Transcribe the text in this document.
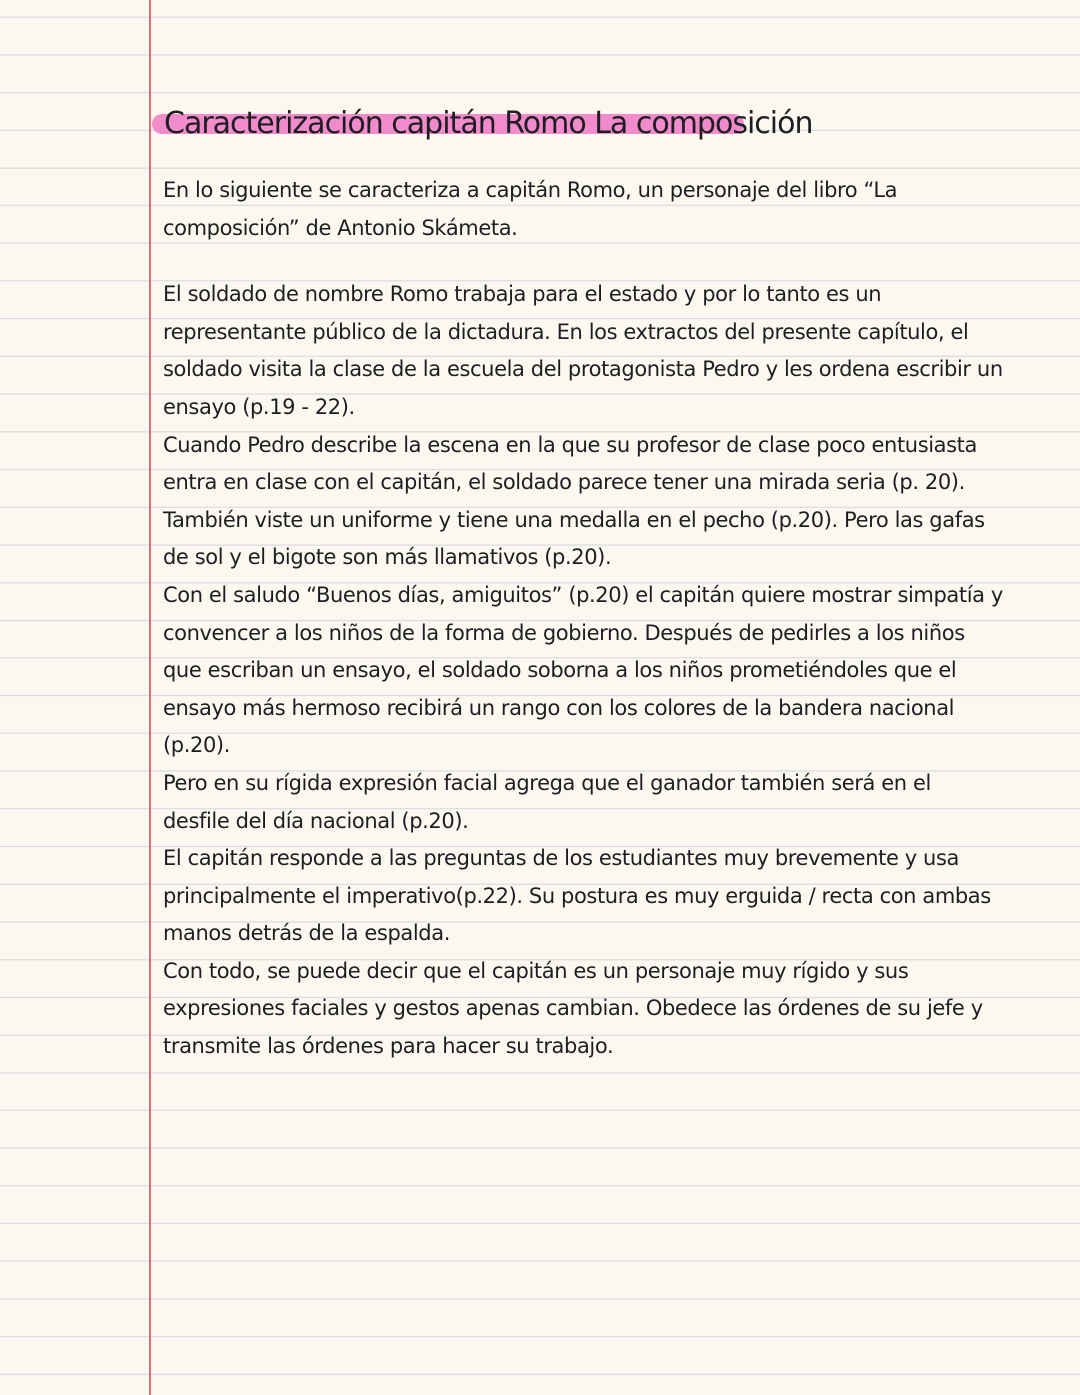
Caracterización capitán Romo La composición

En lo siguiente se caracteriza a capitán Romo, un personaje del libro “La composición” de Antonio Skámeta.

El soldado de nombre Romo trabaja para el estado y por lo tanto es un representante público de la dictadura. En los extractos del presente capítulo, el soldado visita la clase de la escuela del protagonista Pedro y les ordena escribir un ensayo (p.19 - 22).

Cuando Pedro describe la escena en la que su profesor de clase poco entusiasta entra en clase con el capitán, el soldado parece tener una mirada seria (p. 20). También viste un uniforme y tiene una medalla en el pecho (p.20). Pero las gafas de sol y el bigote son más llamativos (p.20).

Con el saludo “Buenos días, amiguitos” (p.20) el capitán quiere mostrar simpatía y convencer a los niños de la forma de gobierno. Después de pedirles a los niños que escriban un ensayo, el soldado soborna a los niños prometiéndoles que el ensayo más hermoso recibirá un rango con los colores de la bandera nacional (p.20).

Pero en su rígida expresión facial agrega que el ganador también será en el desfile del día nacional (p.20).

El capitán responde a las preguntas de los estudiantes muy brevemente y usa principalmente el imperativo(p.22). Su postura es muy erguida / recta con ambas manos detrás de la espalda.

Con todo, se puede decir que el capitán es un personaje muy rígido y sus expresiones faciales y gestos apenas cambian. Obedece las órdenes de su jefe y transmite las órdenes para hacer su trabajo.
